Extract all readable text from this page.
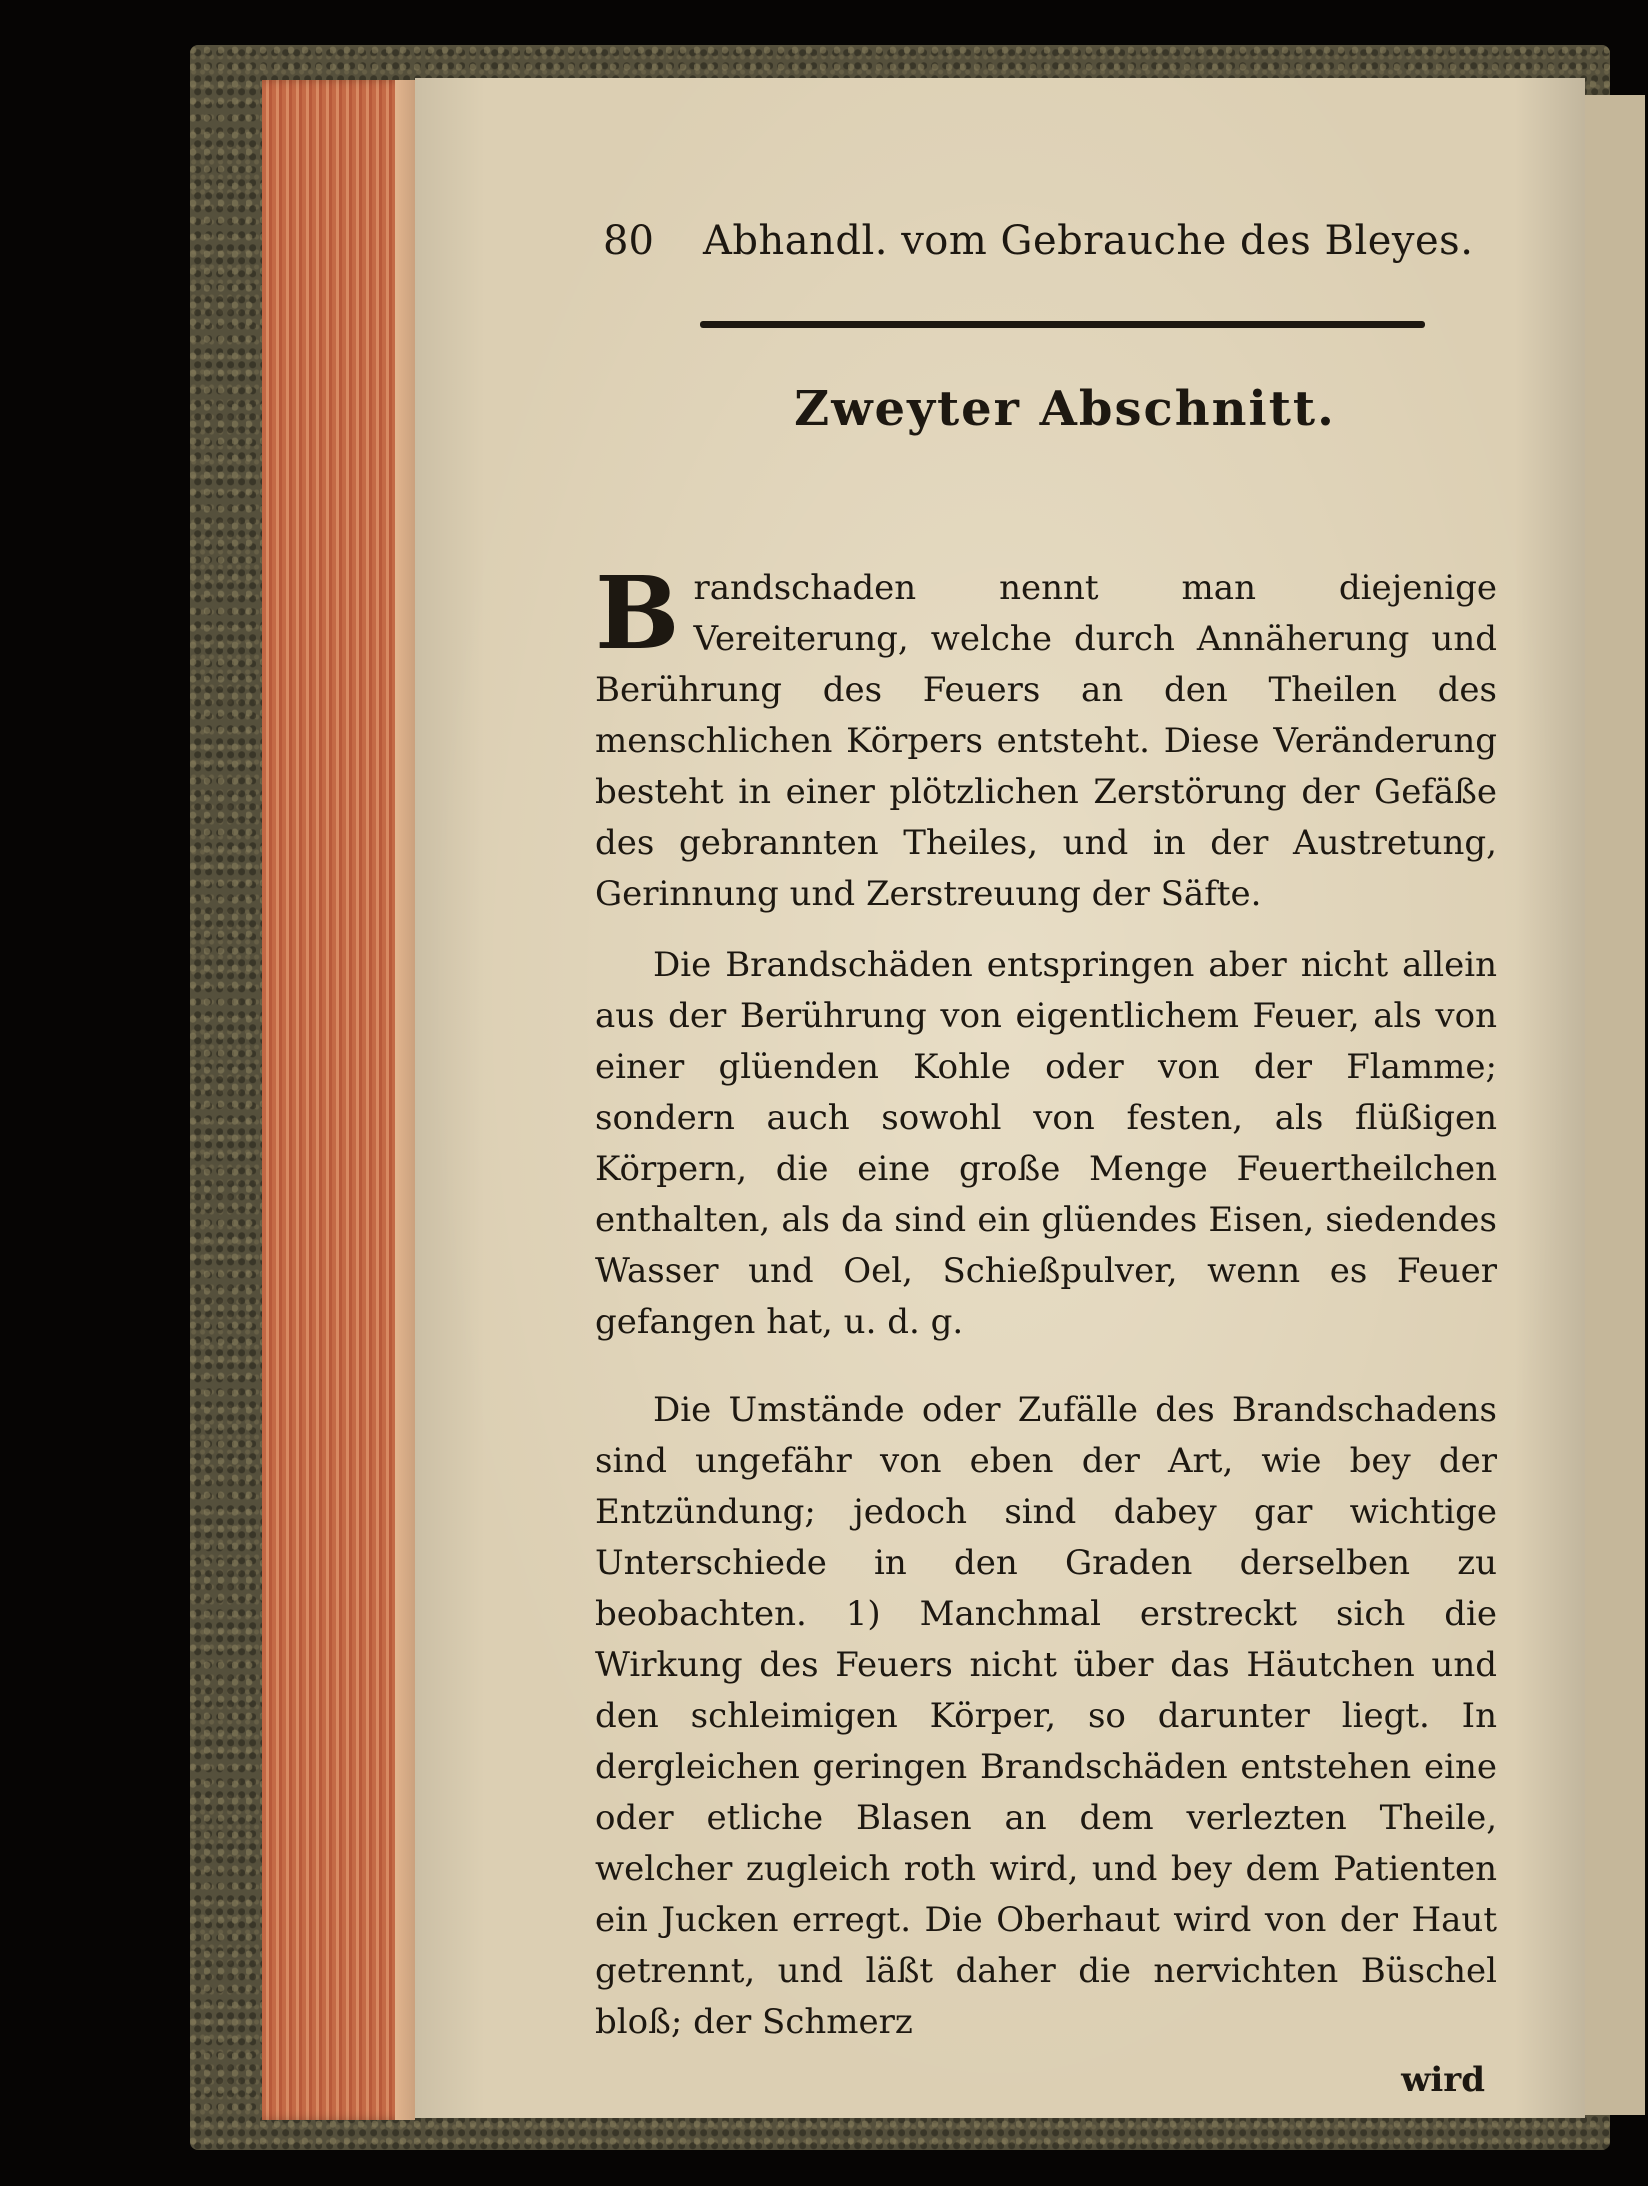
80 Abhandl. vom Gebrauche des Bleyes.
Zweyter Abschnitt.
Brandschaden nennt man diejenige Vereiterung, welche durch Annäherung und Berührung des Feuers an den Theilen des menschlichen Körpers entsteht. Diese Veränderung besteht in einer plötzlichen Zerstörung der Gefäße des gebrannten Theiles, und in der Austretung, Gerinnung und Zerstreuung der Säfte.
Die Brandschäden entspringen aber nicht allein aus der Berührung von eigentlichem Feuer, als von einer glüenden Kohle oder von der Flamme; sondern auch sowohl von festen, als flüßigen Körpern, die eine große Menge Feuertheilchen enthalten, als da sind ein glüendes Eisen, siedendes Wasser und Oel, Schießpulver, wenn es Feuer gefangen hat, u. d. g.
Die Umstände oder Zufälle des Brandschadens sind ungefähr von eben der Art, wie bey der Entzündung; jedoch sind dabey gar wichtige Unterschiede in den Graden derselben zu beobachten. 1) Manchmal erstreckt sich die Wirkung des Feuers nicht über das Häutchen und den schleimigen Körper, so darunter liegt. In dergleichen geringen Brandschäden entstehen eine oder etliche Blasen an dem verlezten Theile, welcher zugleich roth wird, und bey dem Patienten ein Jucken erregt. Die Oberhaut wird von der Haut getrennt, und läßt daher die nervichten Büschel bloß; der Schmerz
wird
